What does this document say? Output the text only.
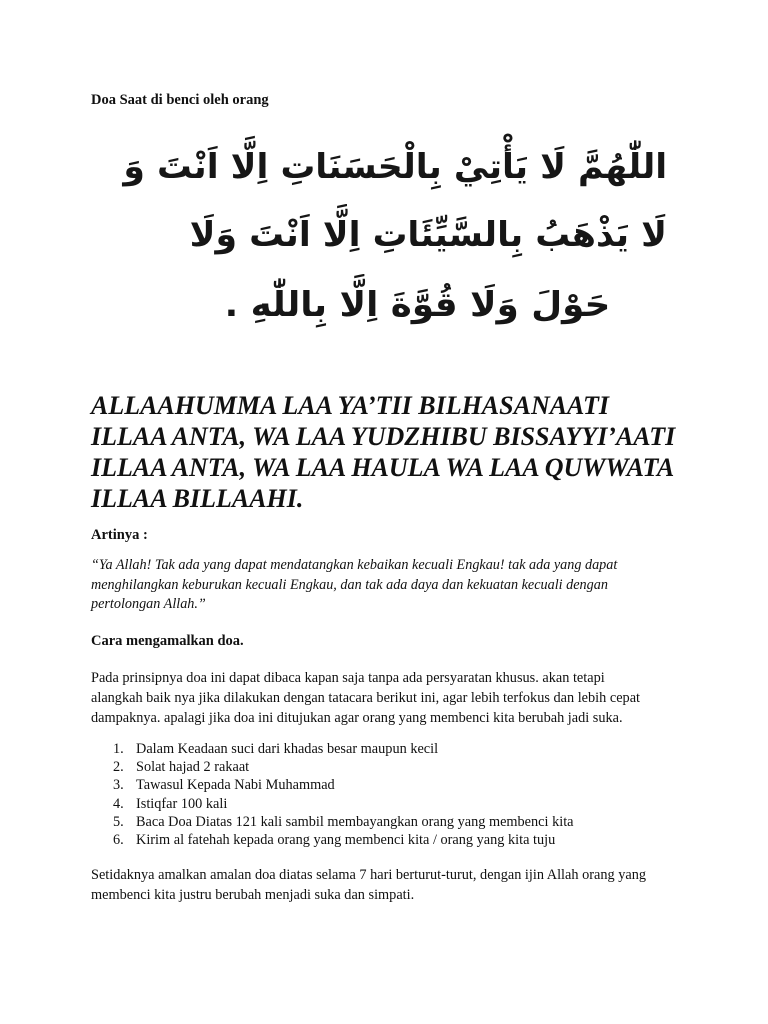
Doa Saat di benci oleh orang
اللّٰهُمَّ لَا يَأْتِيْ بِالْحَسَنَاتِ اِلَّا اَنْتَ وَ
لَا يَذْهَبُ بِالسَّيِّئَاتِ اِلَّا اَنْتَ وَلَا
حَوْلَ وَلَا قُوَّةَ اِلَّا بِاللّٰهِ .
ALLAAHUMMA LAA YA’TII BILHASANAATI
ILLAA ANTA, WA LAA YUDZHIBU BISSAYYI’AATI
ILLAA ANTA, WA LAA HAULA WA LAA QUWWATA
ILLAA BILLAAHI.
Artinya :
“Ya Allah! Tak ada yang dapat mendatangkan kebaikan kecuali Engkau! tak ada yang dapat
menghilangkan keburukan kecuali Engkau, dan tak ada daya dan kekuatan kecuali dengan
pertolongan Allah.”
Cara mengamalkan doa.
Pada prinsipnya doa ini dapat dibaca kapan saja tanpa ada persyaratan khusus. akan tetapi
alangkah baik nya jika dilakukan dengan tatacara berikut ini, agar lebih terfokus dan lebih cepat
dampaknya. apalagi jika doa ini ditujukan agar orang yang membenci kita berubah jadi suka.
1. Dalam Keadaan suci dari khadas besar maupun kecil
2. Solat hajad 2 rakaat
3. Tawasul Kepada Nabi Muhammad
4. Istiqfar 100 kali
5. Baca Doa Diatas 121 kali sambil membayangkan orang yang membenci kita
6. Kirim al fatehah kepada orang yang membenci kita / orang yang kita tuju
Setidaknya amalkan amalan doa diatas selama 7 hari berturut-turut, dengan ijin Allah orang yang
membenci kita justru berubah menjadi suka dan simpati.
